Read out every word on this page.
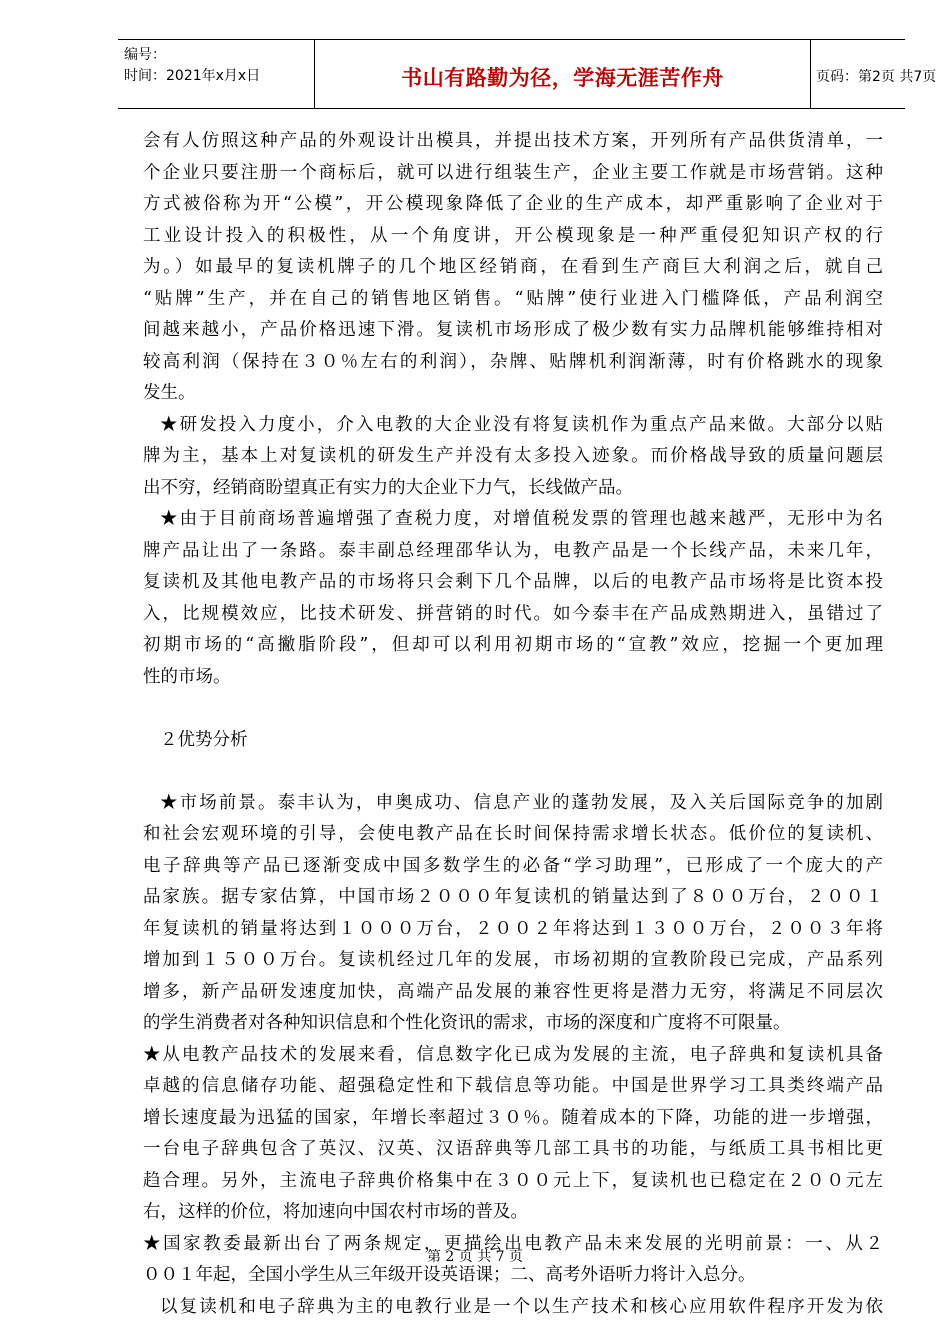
编号：
时间：2021年x月x日	书山有路勤为径，学海无涯苦作舟	页码：第2页 共7页
会有人仿照这种产品的外观设计出模具，并提出技术方案，开列所有产品供货清单，一
个企业只要注册一个商标后，就可以进行组装生产，企业主要工作就是市场营销。这种
方式被俗称为开“公模”，开公模现象降低了企业的生产成本，却严重影响了企业对于
工业设计投入的积极性，从一个角度讲，开公模现象是一种严重侵犯知识产权的行
为。）如最早的复读机牌子的几个地区经销商，在看到生产商巨大利润之后，就自己
“贴牌”生产，并在自己的销售地区销售。“贴牌”使行业进入门槛降低，产品利润空
间越来越小，产品价格迅速下滑。复读机市场形成了极少数有实力品牌机能够维持相对
较高利润（保持在３０％左右的利润），杂牌、贴牌机利润渐薄，时有价格跳水的现象
发生。
★研发投入力度小，介入电教的大企业没有将复读机作为重点产品来做。大部分以贴
牌为主，基本上对复读机的研发生产并没有太多投入迹象。而价格战导致的质量问题层
出不穷，经销商盼望真正有实力的大企业下力气，长线做产品。
★由于目前商场普遍增强了查税力度，对增值税发票的管理也越来越严，无形中为名
牌产品让出了一条路。泰丰副总经理邵华认为，电教产品是一个长线产品，未来几年，
复读机及其他电教产品的市场将只会剩下几个品牌，以后的电教产品市场将是比资本投
入，比规模效应，比技术研发、拼营销的时代。如今泰丰在产品成熟期进入，虽错过了
初期市场的“高撇脂阶段”，但却可以利用初期市场的“宣教”效应，挖掘一个更加理
性的市场。
２优势分析
★市场前景。泰丰认为，申奥成功、信息产业的蓬勃发展，及入关后国际竞争的加剧
和社会宏观环境的引导，会使电教产品在长时间保持需求增长状态。低价位的复读机、
电子辞典等产品已逐渐变成中国多数学生的必备“学习助理”，已形成了一个庞大的产
品家族。据专家估算，中国市场２０００年复读机的销量达到了８００万台，２００１
年复读机的销量将达到１０００万台，２００２年将达到１３００万台，２００３年将
增加到１５００万台。复读机经过几年的发展，市场初期的宣教阶段已完成，产品系列
增多，新产品研发速度加快，高端产品发展的兼容性更将是潜力无穷，将满足不同层次
的学生消费者对各种知识信息和个性化资讯的需求，市场的深度和广度将不可限量。
★从电教产品技术的发展来看，信息数字化已成为发展的主流，电子辞典和复读机具备
卓越的信息储存功能、超强稳定性和下载信息等功能。中国是世界学习工具类终端产品
增长速度最为迅猛的国家，年增长率超过３０％。随着成本的下降，功能的进一步增强，
一台电子辞典包含了英汉、汉英、汉语辞典等几部工具书的功能，与纸质工具书相比更
趋合理。另外，主流电子辞典价格集中在３００元上下，复读机也已稳定在２００元左
右，这样的价位，将加速向中国农村市场的普及。
★国家教委最新出台了两条规定，更描绘出电教产品未来发展的光明前景：一、从２
００１年起，全国小学生从三年级开设英语课；二、高考外语听力将计入总分。
以复读机和电子辞典为主的电教行业是一个以生产技术和核心应用软件程序开发为依
第 2 页 共 7 页
